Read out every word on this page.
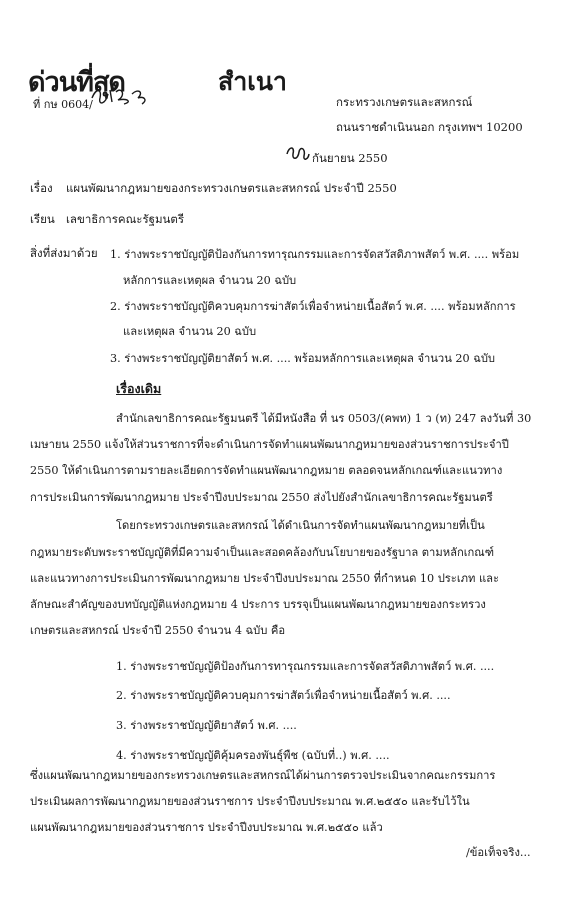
ด่วนที่สุด	สำเนา
ที่ กษ 0604/	กระทรวงเกษตรและสหกรณ์
ถนนราชดำเนินนอก กรุงเทพฯ 10200
กันยายน 2550
เรื่อง แผนพัฒนากฎหมายของกระทรวงเกษตรและสหกรณ์ ประจำปี 2550
เรียน เลขาธิการคณะรัฐมนตรี
สิ่งที่ส่งมาด้วย 1. ร่างพระราชบัญญัติป้องกันการทารุณกรรมและการจัดสวัสดิภาพสัตว์ พ.ศ. .... พร้อม
หลักการและเหตุผล จำนวน 20 ฉบับ
2. ร่างพระราชบัญญัติควบคุมการฆ่าสัตว์เพื่อจำหน่ายเนื้อสัตว์ พ.ศ. .... พร้อมหลักการ
และเหตุผล จำนวน 20 ฉบับ
3. ร่างพระราชบัญญัติยาสัตว์ พ.ศ. .... พร้อมหลักการและเหตุผล จำนวน 20 ฉบับ
เรื่องเดิม
สำนักเลขาธิการคณะรัฐมนตรี ได้มีหนังสือ ที่ นร 0503/(คพท) 1 ว (ท) 247 ลงวันที่ 30
เมษายน 2550 แจ้งให้ส่วนราชการที่จะดำเนินการจัดทำแผนพัฒนากฎหมายของส่วนราชการประจำปี
2550 ให้ดำเนินการตามรายละเอียดการจัดทำแผนพัฒนากฎหมาย ตลอดจนหลักเกณฑ์และแนวทาง
การประเมินการพัฒนากฎหมาย ประจำปีงบประมาณ 2550 ส่งไปยังสำนักเลขาธิการคณะรัฐมนตรี
โดยกระทรวงเกษตรและสหกรณ์ ได้ดำเนินการจัดทำแผนพัฒนากฎหมายที่เป็น
กฎหมายระดับพระราชบัญญัติที่มีความจำเป็นและสอดคล้องกับนโยบายของรัฐบาล ตามหลักเกณฑ์
และแนวทางการประเมินการพัฒนากฎหมาย ประจำปีงบประมาณ 2550 ที่กำหนด 10 ประเภท และ
ลักษณะสำคัญของบทบัญญัติแห่งกฎหมาย 4 ประการ บรรจุเป็นแผนพัฒนากฎหมายของกระทรวง
เกษตรและสหกรณ์ ประจำปี 2550 จำนวน 4 ฉบับ คือ
1. ร่างพระราชบัญญัติป้องกันการทารุณกรรมและการจัดสวัสดิภาพสัตว์ พ.ศ. ....
2. ร่างพระราชบัญญัติควบคุมการฆ่าสัตว์เพื่อจำหน่ายเนื้อสัตว์ พ.ศ. ....
3. ร่างพระราชบัญญัติยาสัตว์ พ.ศ. ....
4. ร่างพระราชบัญญัติคุ้มครองพันธุ์พืช (ฉบับที่..) พ.ศ. ....
ซึ่งแผนพัฒนากฎหมายของกระทรวงเกษตรและสหกรณ์ได้ผ่านการตรวจประเมินจากคณะกรรมการ
ประเมินผลการพัฒนากฎหมายของส่วนราชการ ประจำปีงบประมาณ พ.ศ.๒๕๕๐ และรับไว้ใน
แผนพัฒนากฎหมายของส่วนราชการ ประจำปีงบประมาณ พ.ศ.๒๕๕๐ แล้ว
/ข้อเท็จจริง...
